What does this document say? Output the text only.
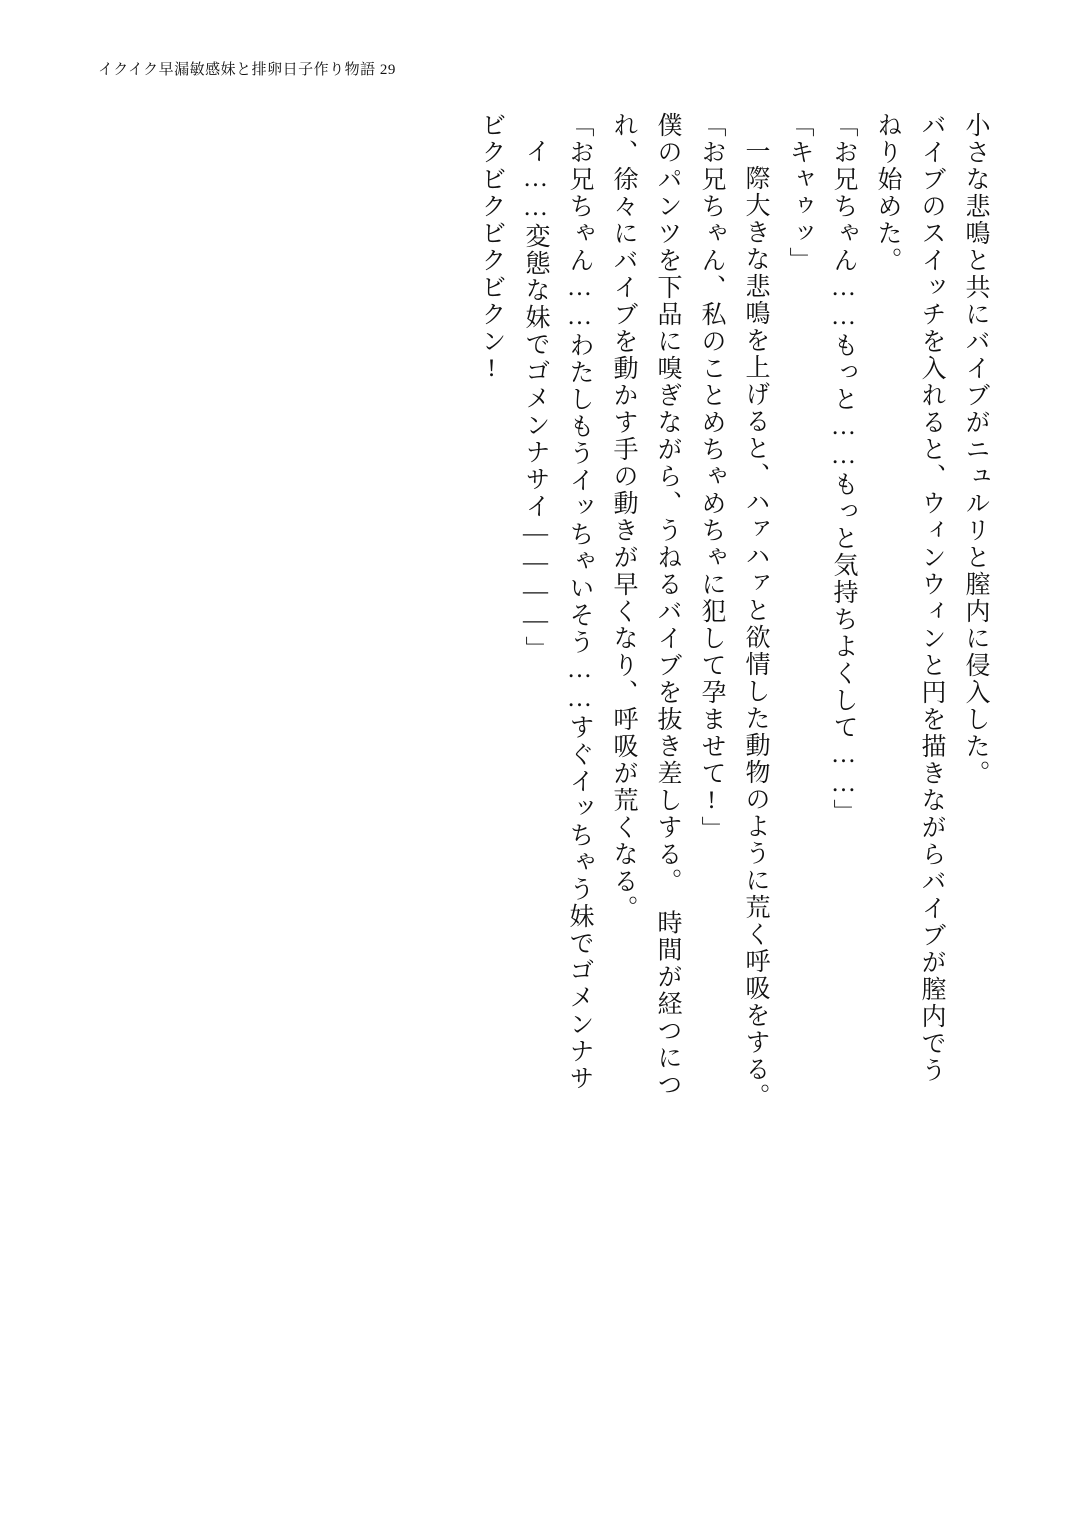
イクイク早漏敏感妹と排卵日子作り物語 29
小さな悲鳴と共にバイブがニュルリと膣内に侵入した。
バイブのスイッチを入れると、ウィンウィンと円を描きながらバイブが膣内でう
ねり始めた。
「お兄ちゃん……もっと……もっと気持ちよくして……」
「キャゥッ」
一際大きな悲鳴を上げると、ハァハァと欲情した動物のように荒く呼吸をする。
「お兄ちゃん、私のことめちゃめちゃに犯して孕ませて!」
僕のパンツを下品に嗅ぎながら、うねるバイブを抜き差しする。　時間が経つにつ
れ、徐々にバイブを動かす手の動きが早くなり、呼吸が荒くなる。
「お兄ちゃん……わたしもうイッちゃいそう……すぐイッちゃう妹でゴメンナサ
イ……変態な妹でゴメンナサイ————」
ビクビクビクビクン!
